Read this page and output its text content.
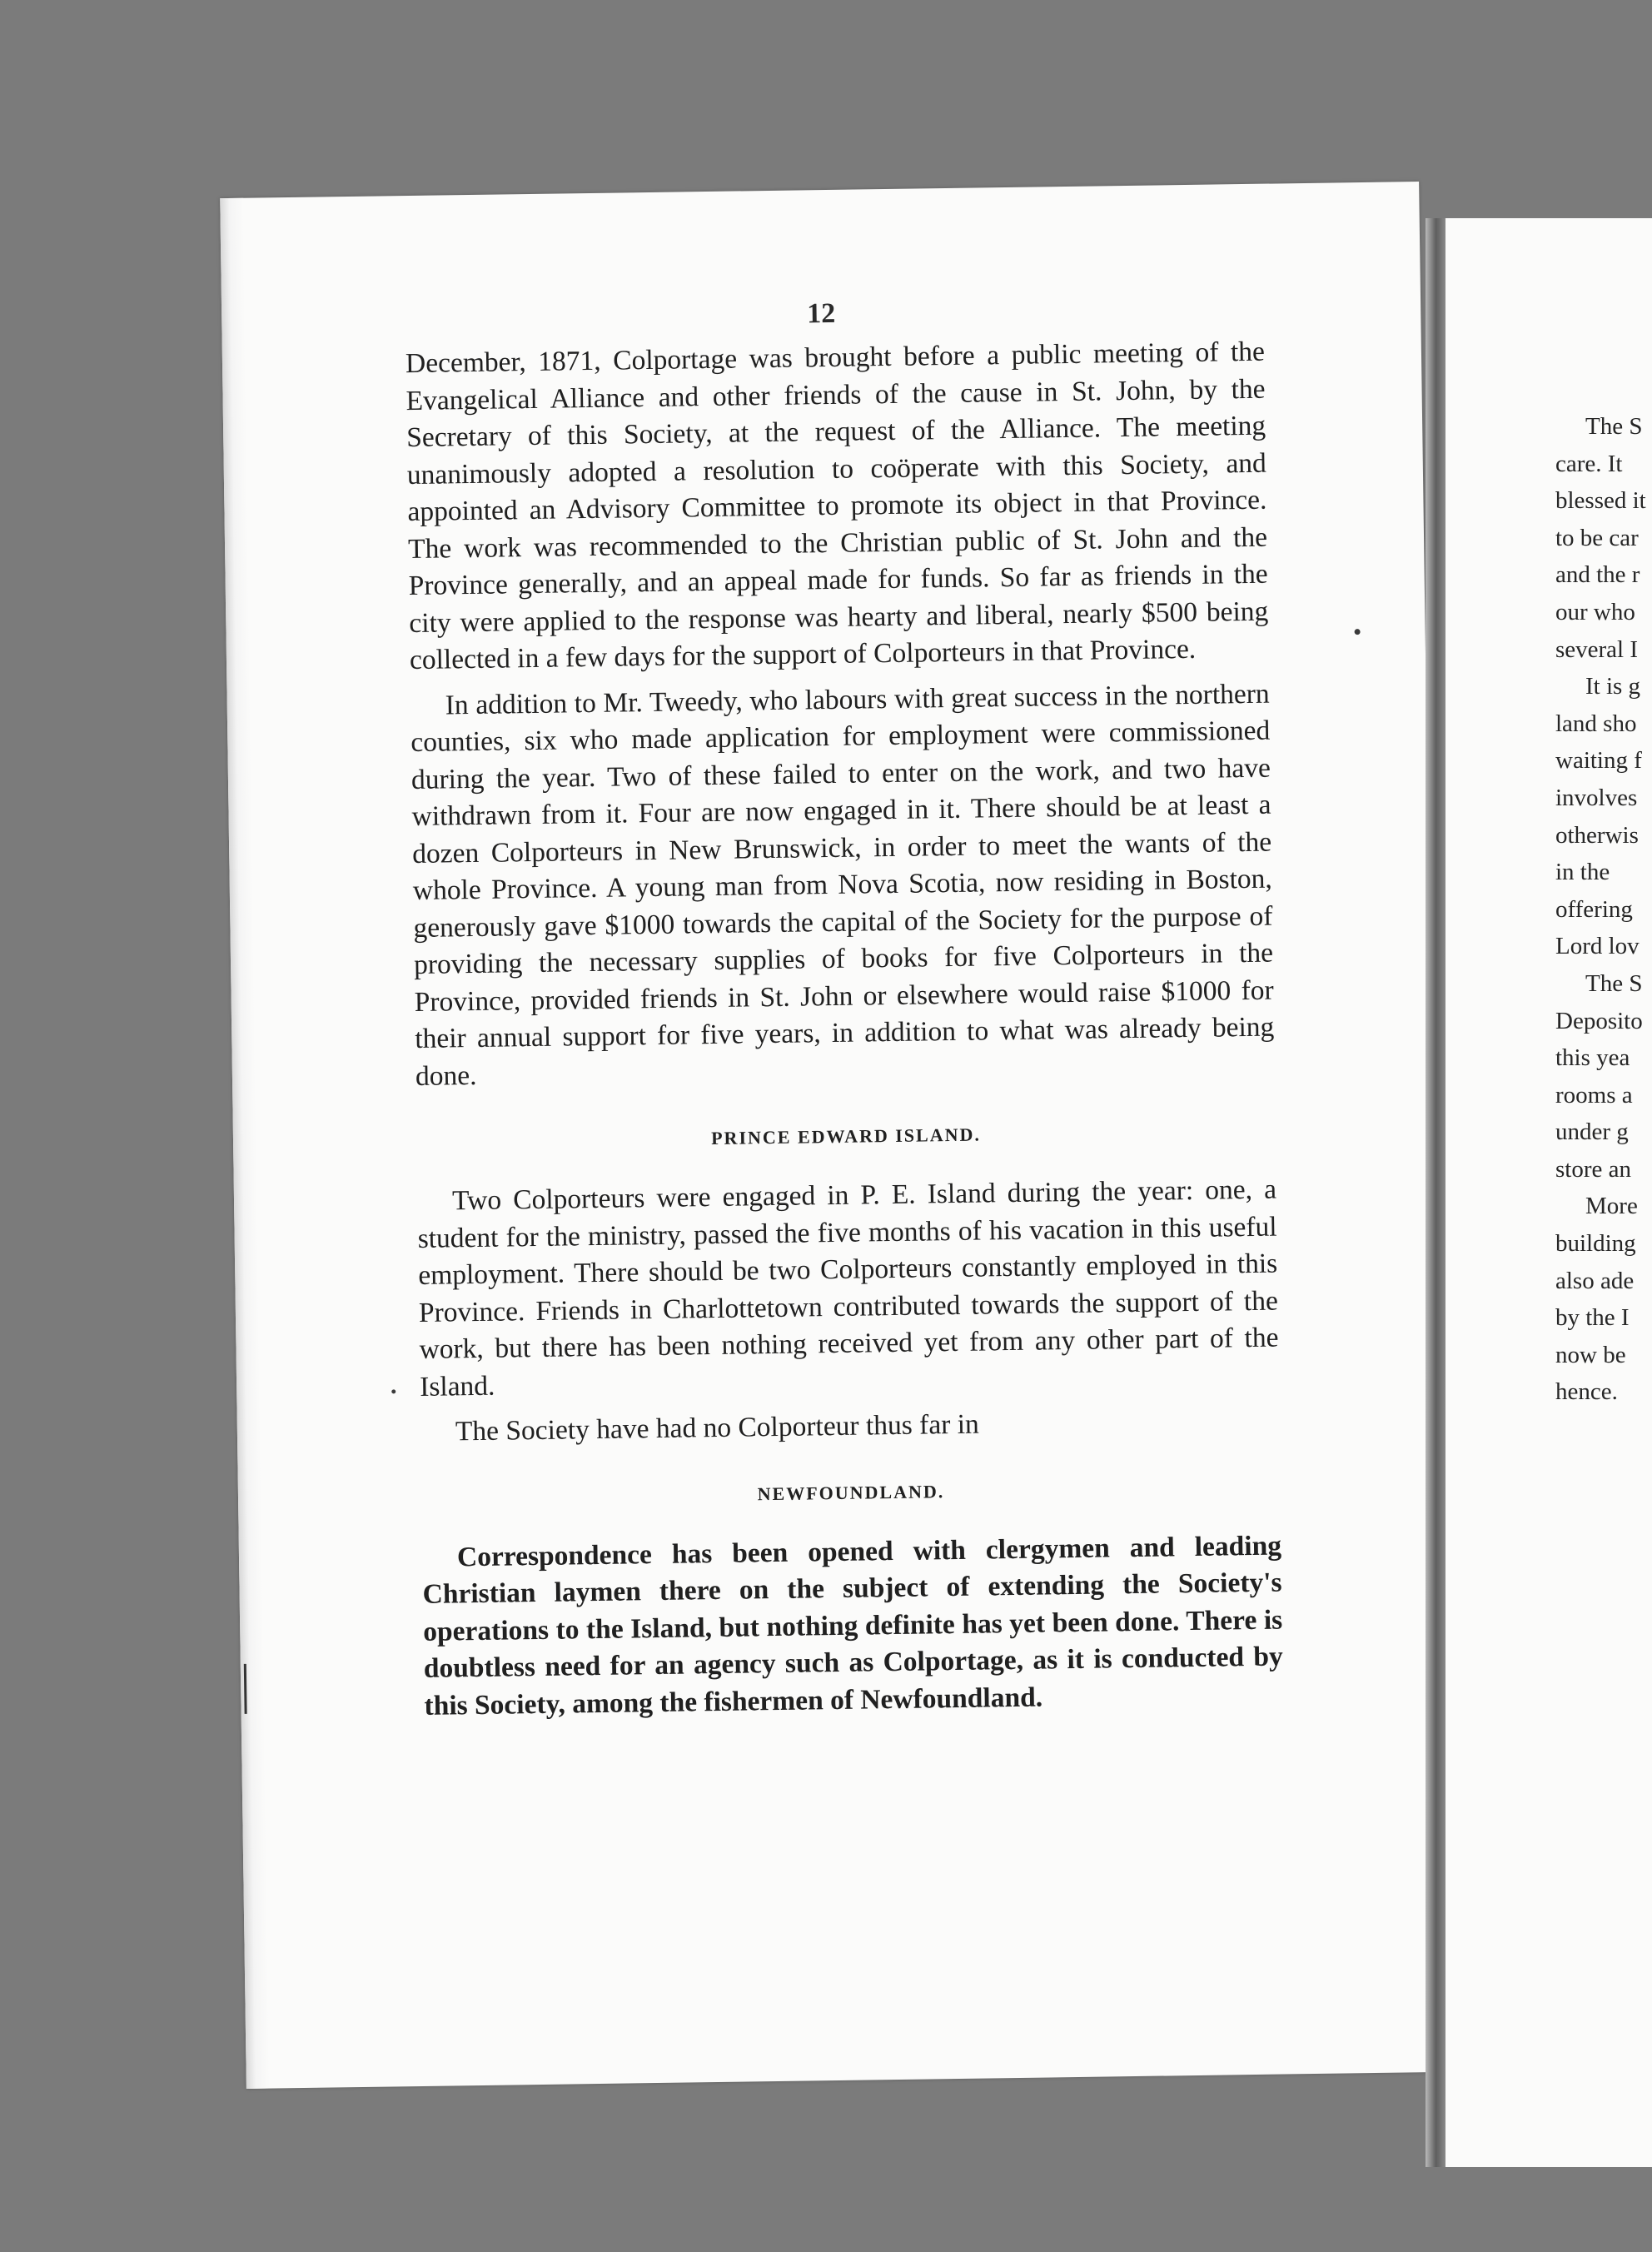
12

December, 1871, Colportage was brought before a public meeting of the Evangelical Alliance and other friends of the cause in St. John, by the Secretary of this Society, at the request of the Alliance. The meeting unanimously adopted a resolution to coöperate with this Society, and appointed an Advisory Committee to promote its object in that Province. The work was recommended to the Christian public of St. John and the Province generally, and an appeal made for funds. So far as friends in the city were applied to the response was hearty and liberal, nearly $500 being collected in a few days for the support of Colporteurs in that Province.

In addition to Mr. Tweedy, who labours with great success in the northern counties, six who made application for employment were commissioned during the year. Two of these failed to enter on the work, and two have withdrawn from it. Four are now engaged in it. There should be at least a dozen Colporteurs in New Brunswick, in order to meet the wants of the whole Province. A young man from Nova Scotia, now residing in Boston, generously gave $1000 towards the capital of the Society for the purpose of providing the necessary supplies of books for five Colporteurs in the Province, provided friends in St. John or elsewhere would raise $1000 for their annual support for five years, in addition to what was already being done.

PRINCE EDWARD ISLAND.

Two Colporteurs were engaged in P. E. Island during the year: one, a student for the ministry, passed the five months of his vacation in this useful employment. There should be two Colporteurs constantly employed in this Province. Friends in Charlottetown contributed towards the support of the work, but there has been nothing received yet from any other part of the Island.

The Society have had no Colporteur thus far in

NEWFOUNDLAND.

Correspondence has been opened with clergymen and leading Christian laymen there on the subject of extending the Society's operations to the Island, but nothing definite has yet been done. There is doubtless need for an agency such as Colportage, as it is conducted by this Society, among the fishermen of Newfoundland.

The S
care. It
blessed it
to be car
and the r
our who
several I
It is g
land sho
waiting f
involves
otherwis
in the
offering
Lord lov
The S
Deposito
this yea
rooms a
under g
store an
More
building
also ade
by the I
now be
hence.
